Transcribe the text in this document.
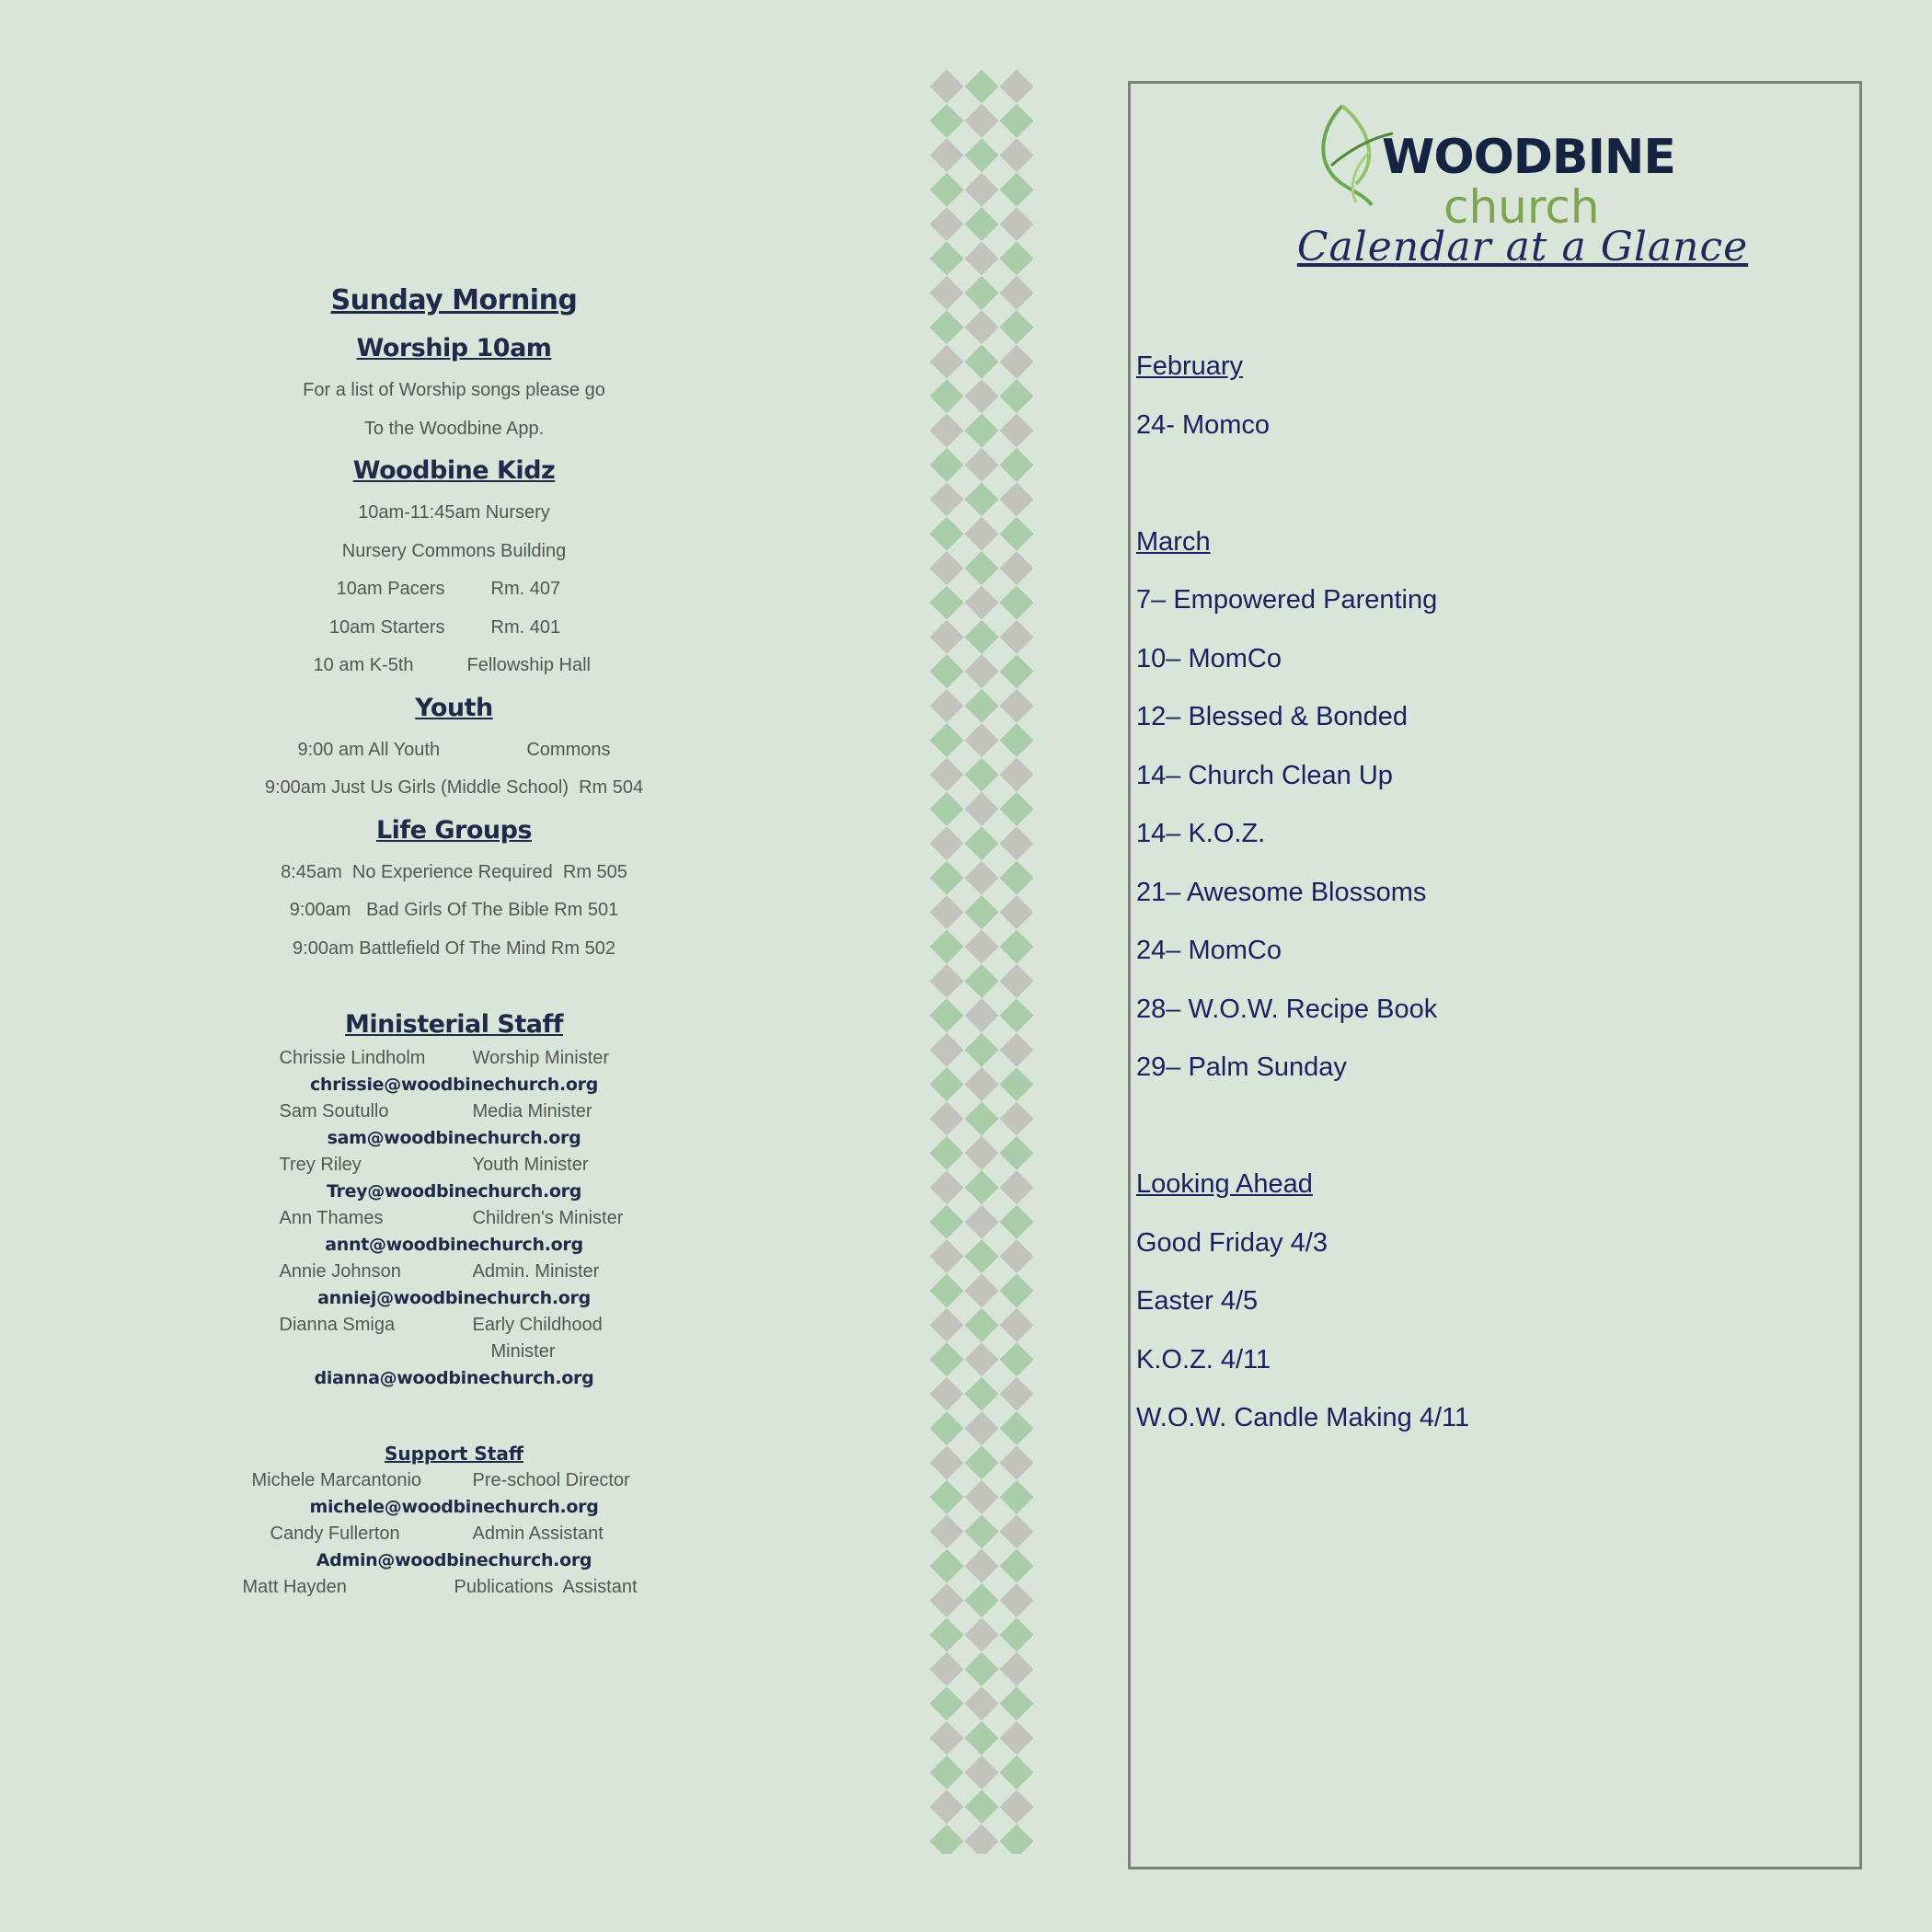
Sunday Morning
Worship 10am
For a list of Worship songs please go
To the Woodbine App.
Woodbine Kidz
10am-11:45am Nursery
Nursery Commons Building
10am Pacers	Rm. 407
10am Starters	Rm. 401
10 am K-5th	Fellowship Hall
Youth
9:00 am All Youth	Commons
9:00am Just Us Girls (Middle School)  Rm 504
Life Groups
8:45am  No Experience Required  Rm 505
9:00am   Bad Girls Of The Bible Rm 501
9:00am Battlefield Of The Mind Rm 502
Ministerial Staff
Chrissie Lindholm	Worship Minister
chrissie@woodbinechurch.org
Sam Soutullo	Media Minister
sam@woodbinechurch.org
Trey Riley	Youth Minister
Trey@woodbinechurch.org
Ann Thames	Children's Minister
annt@woodbinechurch.org
Annie Johnson	Admin. Minister
anniej@woodbinechurch.org
Dianna Smiga	Early Childhood
Minister
dianna@woodbinechurch.org
Support Staff
Michele Marcantonio	Pre-school Director
michele@woodbinechurch.org
Candy Fullerton	Admin Assistant
Admin@woodbinechurch.org
Matt Hayden	Publications  Assistant
WOODBINE
church
Calendar at a Glance
February
24- Momco
March
7– Empowered Parenting
10– MomCo
12– Blessed & Bonded
14– Church Clean Up
14– K.O.Z.
21– Awesome Blossoms
24– MomCo
28– W.O.W. Recipe Book
29– Palm Sunday
Looking Ahead
Good Friday 4/3
Easter 4/5
K.O.Z. 4/11
W.O.W. Candle Making 4/11
